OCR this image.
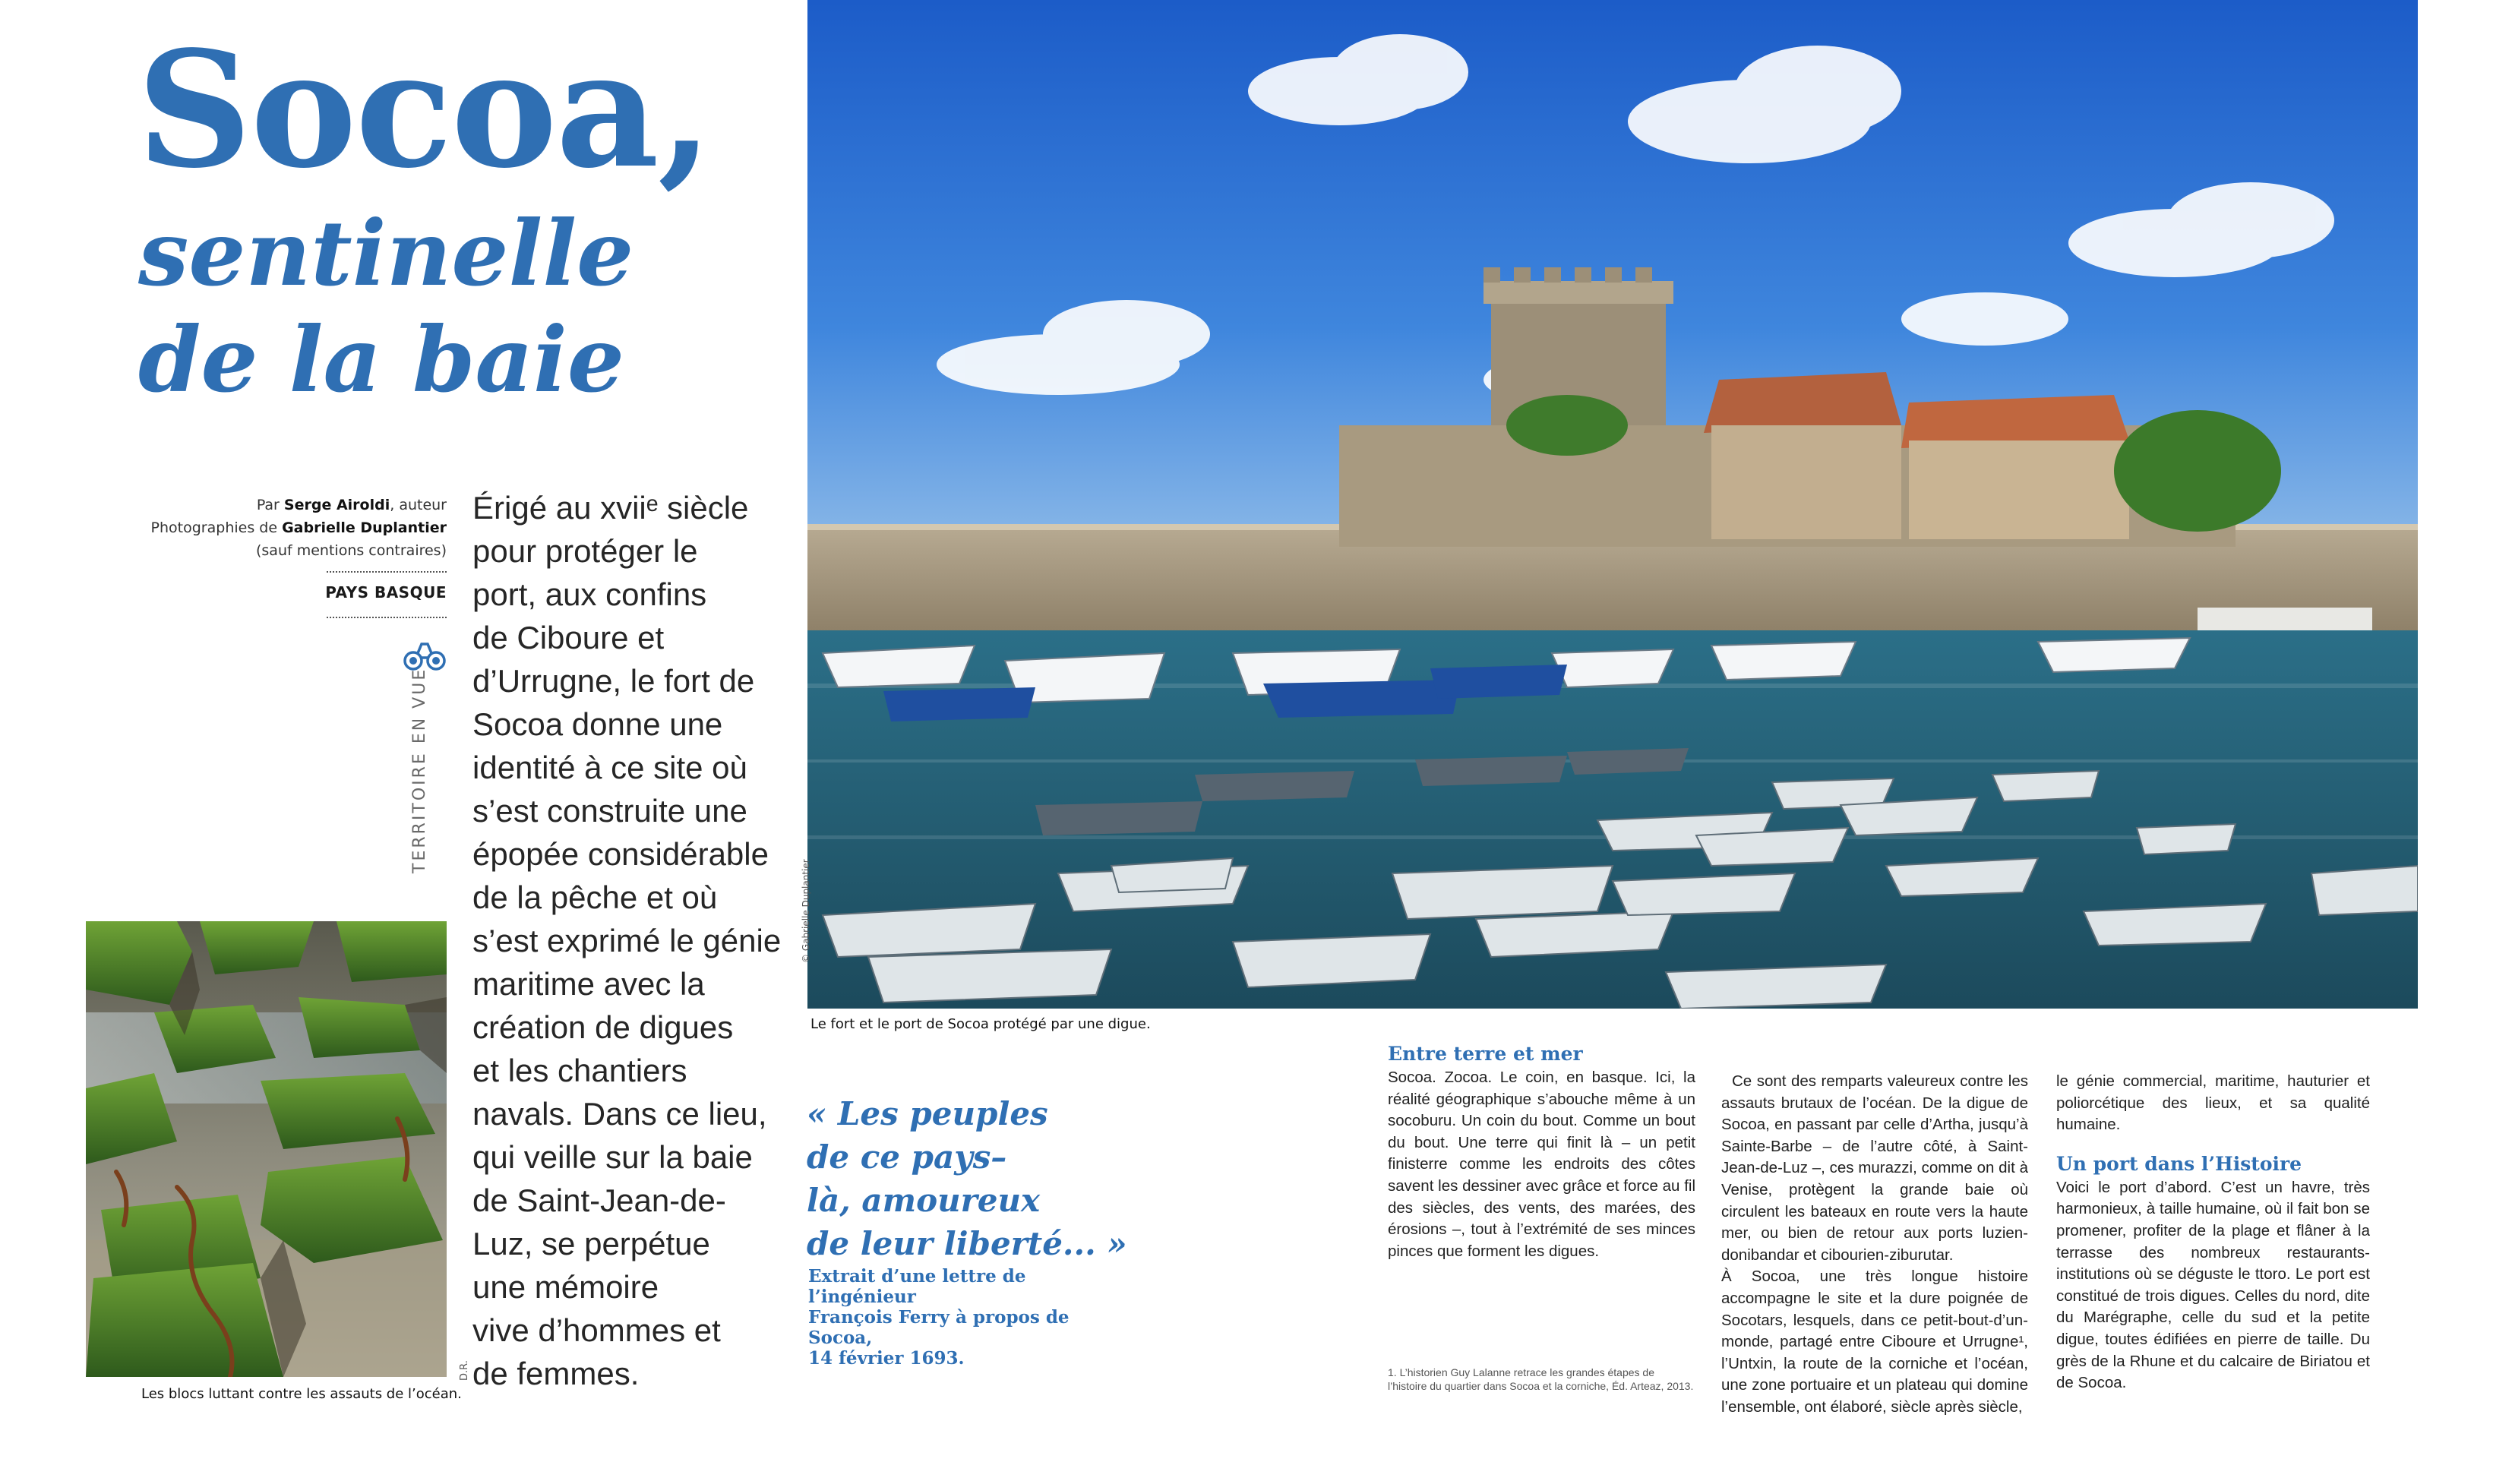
Socoa,
sentinelle
de la baie
Par Serge Airoldi, auteur
Photographies de Gabrielle Duplantier
(sauf mentions contraires)
PAYS BASQUE
TERRITOIRE EN VUE

Érigé au xviiᵉ siècle

pour protéger le

port, aux confins

de Ciboure et

d’Urrugne, le fort de

Socoa donne une

identité à ce site où

s’est construite une

épopée considérable

de la pêche et où

s’est exprimé le génie

maritime avec la

création de digues

et les chantiers

navals. Dans ce lieu,

qui veille sur la baie

de Saint-Jean-de-

Luz, se perpétue

une mémoire

vive d’hommes et

de femmes.

Les blocs luttant contre les assauts de l’océan.
D.R.
Le fort et le port de Socoa protégé par une digue.
© Gabrielle Duplantier
« Les peuples
de ce pays–
là, amoureux
de leur liberté... »
Extrait d’une lettre de l’ingénieur
François Ferry à propos de Socoa,
14 février 1693.
Entre terre et mer

Socoa. Zocoa. Le coin, en basque. Ici, la réalité géographique s’abouche même à un socoburu. Un coin du bout. Comme un bout du bout. Une terre qui finit là – un petit finisterre comme les endroits des côtes savent les dessiner avec grâce et force au fil des siècles, des vents, des marées, des érosions –, tout à l’extrémité de ses minces pinces que forment les digues.

1. L’historien Guy Lalanne retrace les grandes étapes de l’histoire du quartier dans Socoa et la corniche, Éd. Arteaz, 2013.

Ce sont des remparts valeureux contre les assauts brutaux de l’océan. De la digue de Socoa, en passant par celle d’Artha, jusqu’à Sainte-Barbe – de l’autre côté, à Saint-Jean-de-Luz –, ces murazzi, comme on dit à Venise, protègent la grande baie où circulent les bateaux en route vers la haute mer, ou bien de retour aux ports luzien-donibandar et cibourien-ziburutar.

À Socoa, une très longue histoire accompagne le site et la dure poignée de Socotars, lesquels, dans ce petit-bout-d’un-monde, partagé entre Ciboure et Urrugne¹, l’Untxin, la route de la corniche et l’océan, une zone portuaire et un plateau qui domine l’ensemble, ont élaboré, siècle après siècle,

le génie commercial, maritime, hauturier et poliorcétique des lieux, et sa qualité humaine.

Un port dans l’Histoire

Voici le port d’abord. C’est un havre, très harmonieux, à taille humaine, où il fait bon se promener, profiter de la plage et flâner à la terrasse des nombreux restaurants-institutions où se déguste le ttoro. Le port est constitué de trois digues. Celles du nord, dite du Marégraphe, celle du sud et la petite digue, toutes édifiées en pierre de taille. Du grès de la Rhune et du calcaire de Biriatou et de Socoa.
